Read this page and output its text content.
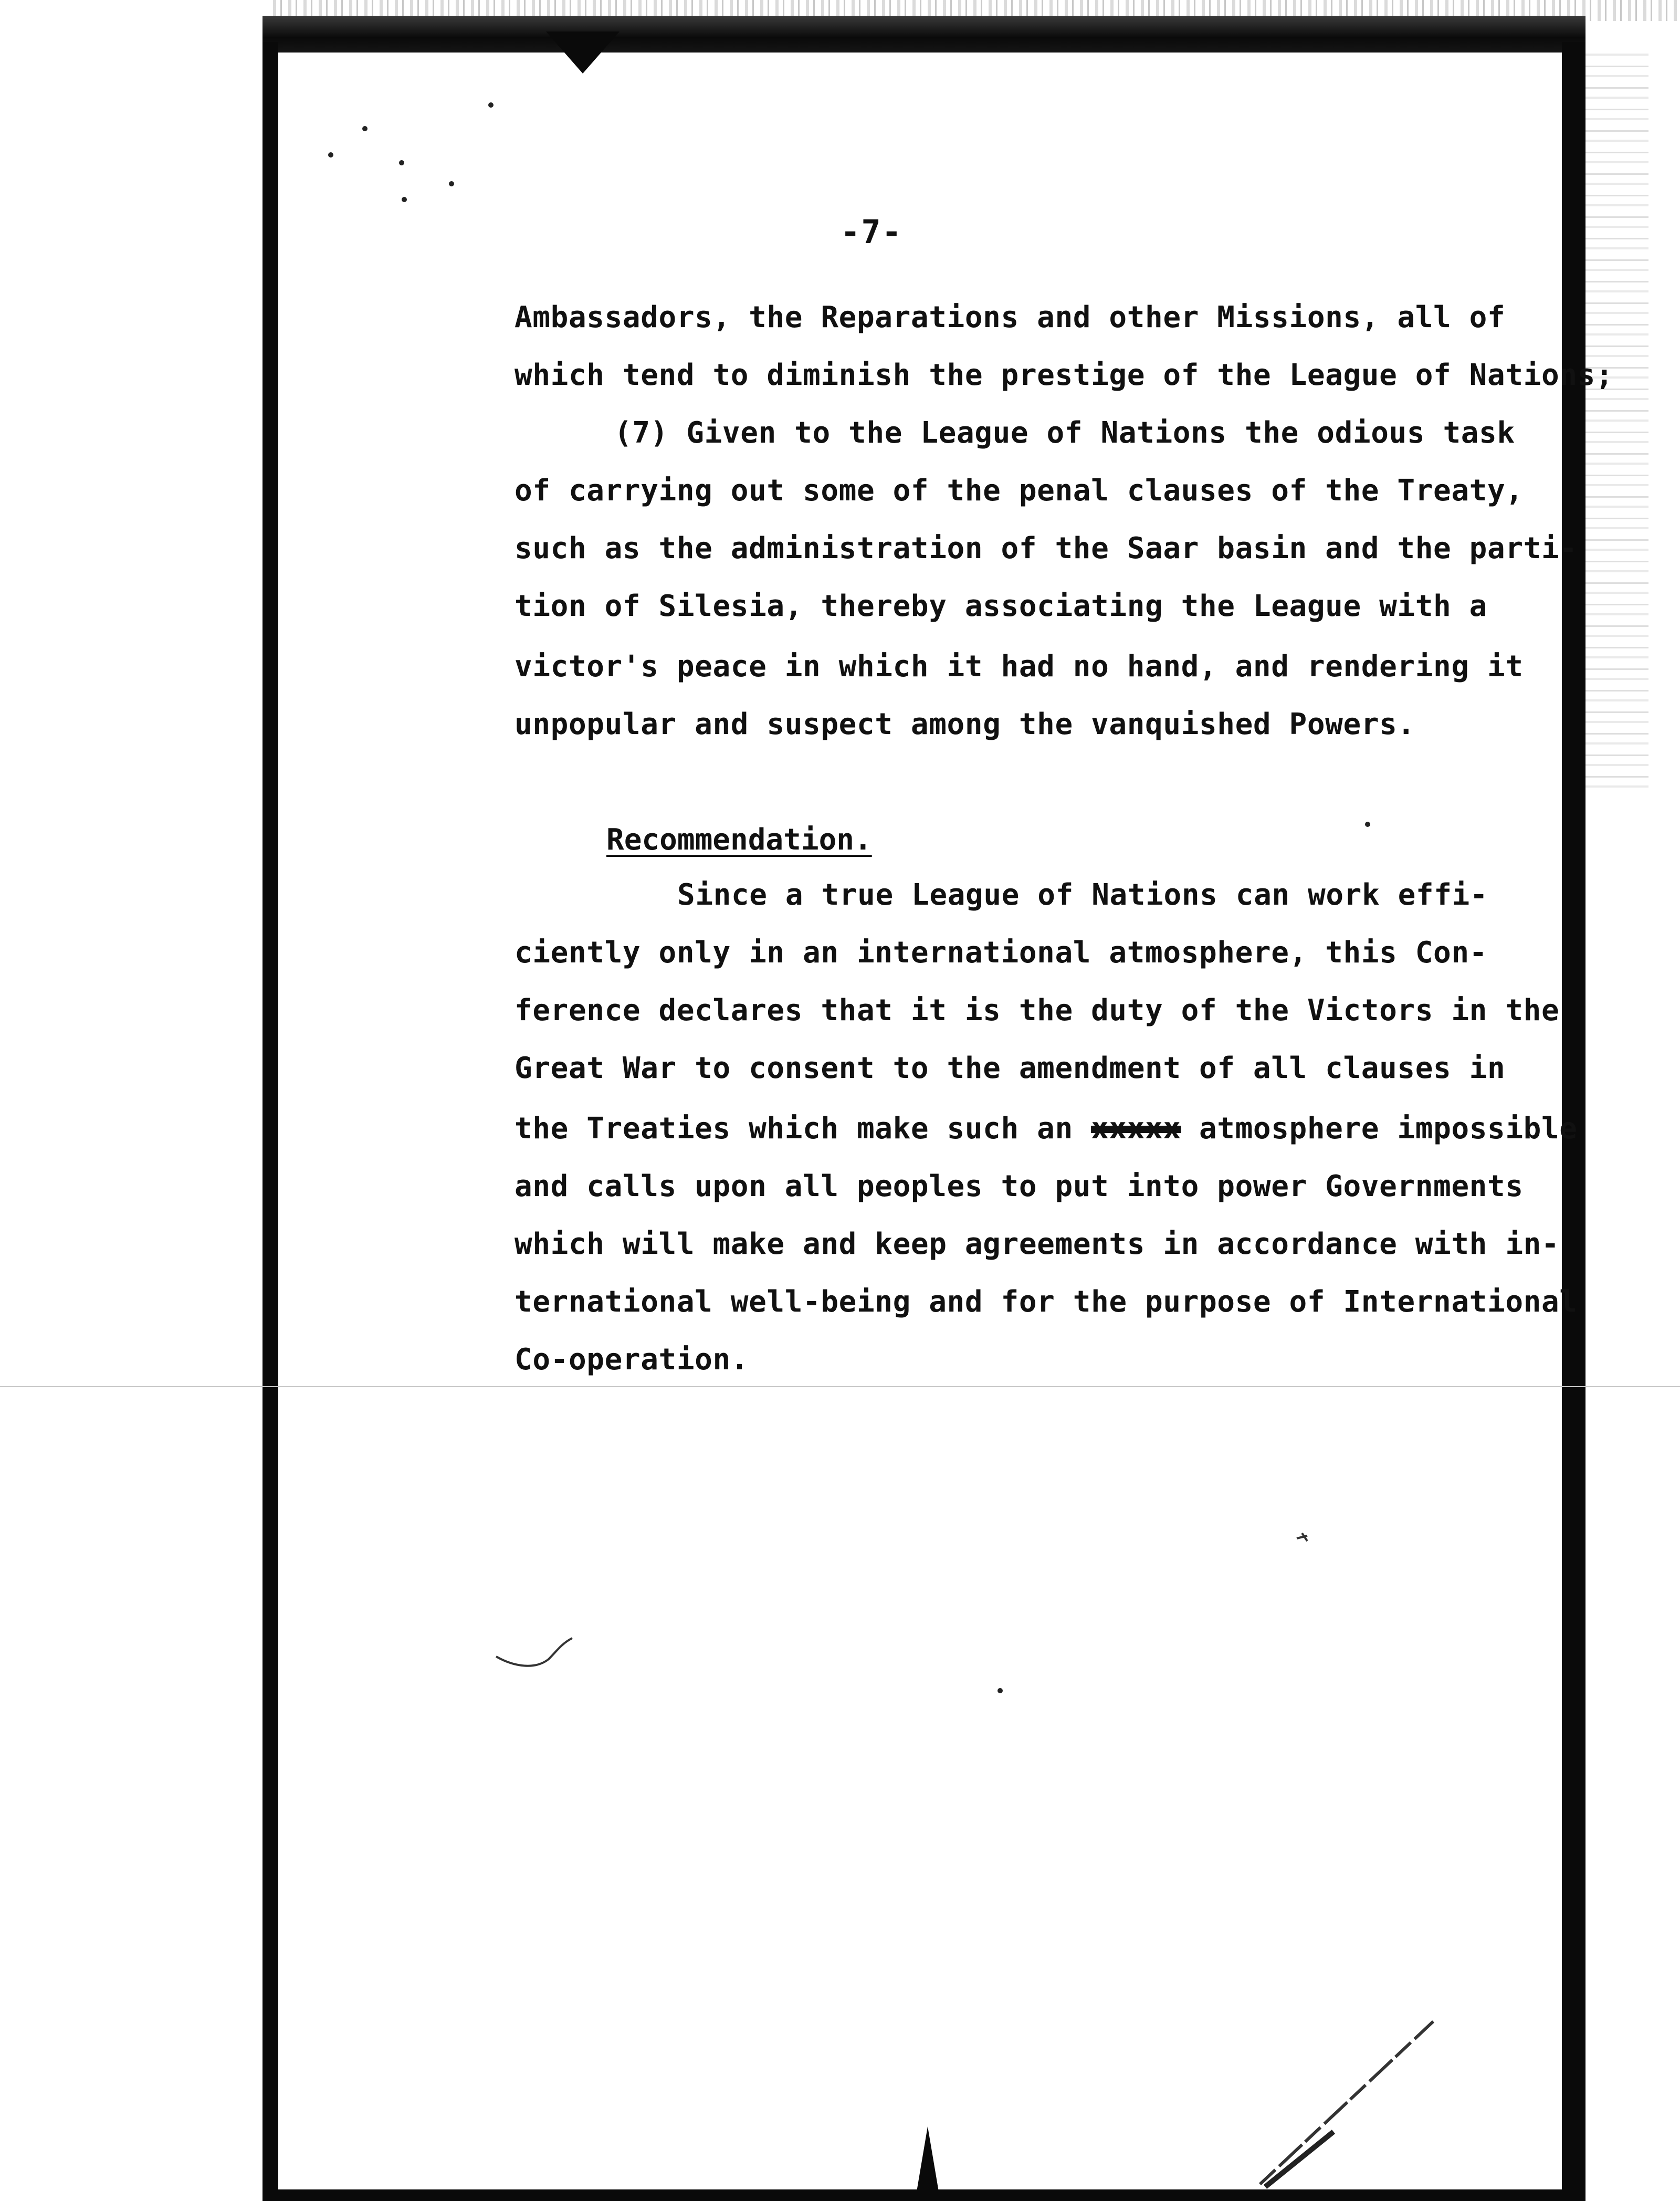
-7-

Ambassadors, the Reparations and other Missions, all of

which tend to diminish the prestige of the League of Nations;

(7) Given to the League of Nations the odious task

of carrying out some of the penal clauses of the Treaty,

such as the administration of the Saar basin and the parti-

tion of Silesia, thereby associating the League with a

victor's peace in which it had no hand, and rendering it

unpopular and suspect among the vanquished Powers.

Recommendation.

Since a true League of Nations can work effi-

ciently only in an international atmosphere, this Con-

ference declares that it is the duty of the Victors in the

Great War to consent to the amendment of all clauses in

the Treaties which make such an xxxxx atmosphere impossible

and calls upon all peoples to put into power Governments

which will make and keep agreements in accordance with in-

ternational well-being and for the purpose of International

Co-operation.
